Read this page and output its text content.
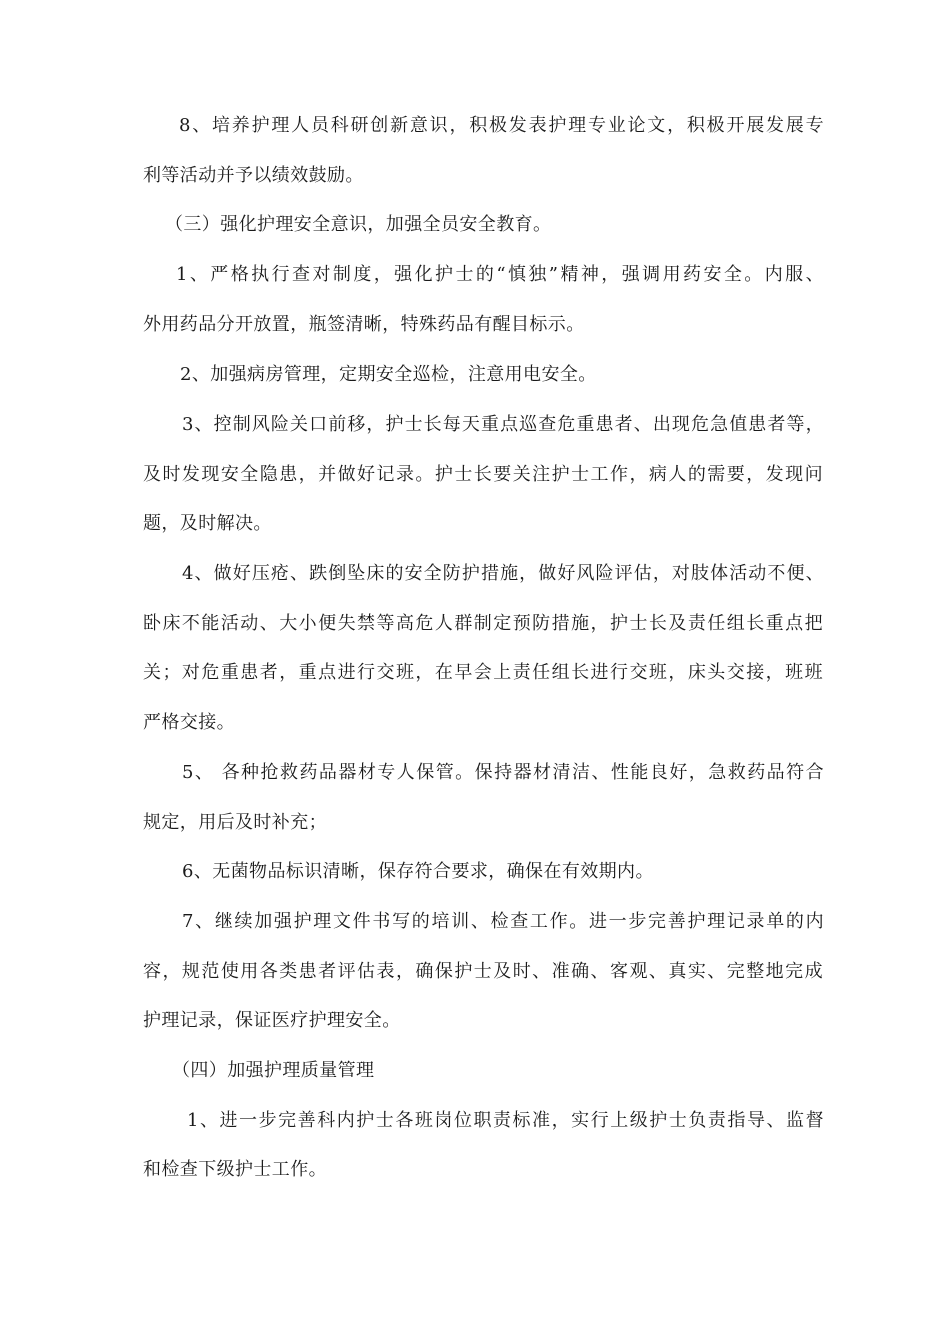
8、培养护理人员科研创新意识，积极发表护理专业论文，积极开展发展专
利等活动并予以绩效鼓励。
（三）强化护理安全意识，加强全员安全教育。
1、严格执行查对制度，强化护士的“慎独”精神，强调用药安全。内服、
外用药品分开放置，瓶签清晰，特殊药品有醒目标示。
2、加强病房管理，定期安全巡检，注意用电安全。
3、控制风险关口前移，护士长每天重点巡查危重患者、出现危急值患者等，
及时发现安全隐患，并做好记录。护士长要关注护士工作，病人的需要，发现问
题，及时解决。
4、做好压疮、跌倒坠床的安全防护措施，做好风险评估，对肢体活动不便、
卧床不能活动、大小便失禁等高危人群制定预防措施，护士长及责任组长重点把
关；对危重患者，重点进行交班，在早会上责任组长进行交班，床头交接，班班
严格交接。
5、 各种抢救药品器材专人保管。保持器材清洁、性能良好，急救药品符合
规定，用后及时补充；
6、无菌物品标识清晰，保存符合要求，确保在有效期内。
7、继续加强护理文件书写的培训、检查工作。进一步完善护理记录单的内
容，规范使用各类患者评估表，确保护士及时、准确、客观、真实、完整地完成
护理记录，保证医疗护理安全。
（四）加强护理质量管理
1、进一步完善科内护士各班岗位职责标准，实行上级护士负责指导、监督
和检查下级护士工作。
